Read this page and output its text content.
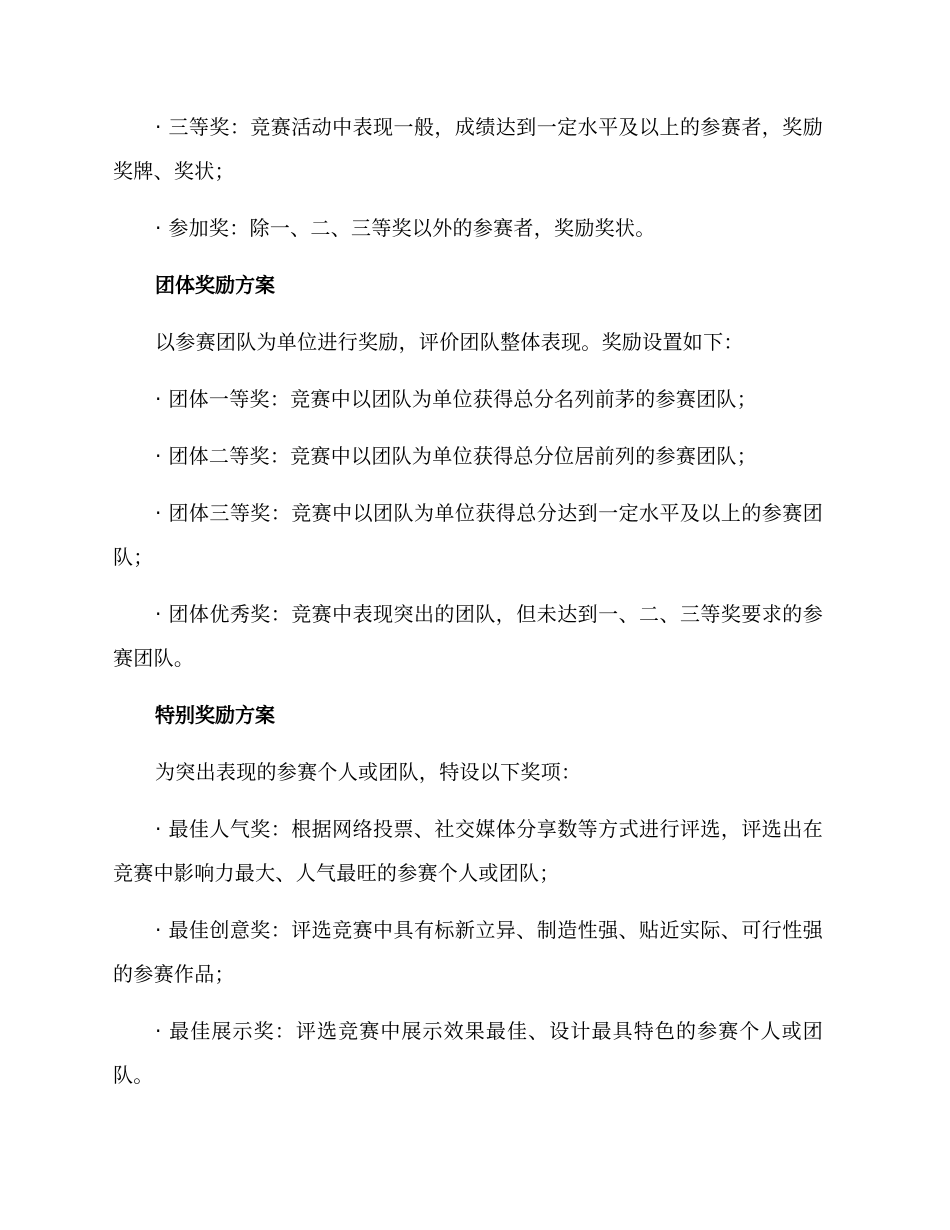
· 三等奖：竞赛活动中表现一般，成绩达到一定水平及以上的参赛者，奖励奖牌、奖状；

· 参加奖：除一、二、三等奖以外的参赛者，奖励奖状。

团体奖励方案

以参赛团队为单位进行奖励，评价团队整体表现。奖励设置如下：

· 团体一等奖：竞赛中以团队为单位获得总分名列前茅的参赛团队；

· 团体二等奖：竞赛中以团队为单位获得总分位居前列的参赛团队；

· 团体三等奖：竞赛中以团队为单位获得总分达到一定水平及以上的参赛团队；

· 团体优秀奖：竞赛中表现突出的团队，但未达到一、二、三等奖要求的参赛团队。

特别奖励方案

为突出表现的参赛个人或团队，特设以下奖项：

· 最佳人气奖：根据网络投票、社交媒体分享数等方式进行评选，评选出在竞赛中影响力最大、人气最旺的参赛个人或团队；

· 最佳创意奖：评选竞赛中具有标新立异、制造性强、贴近实际、可行性强的参赛作品；

· 最佳展示奖：评选竞赛中展示效果最佳、设计最具特色的参赛个人或团队。
